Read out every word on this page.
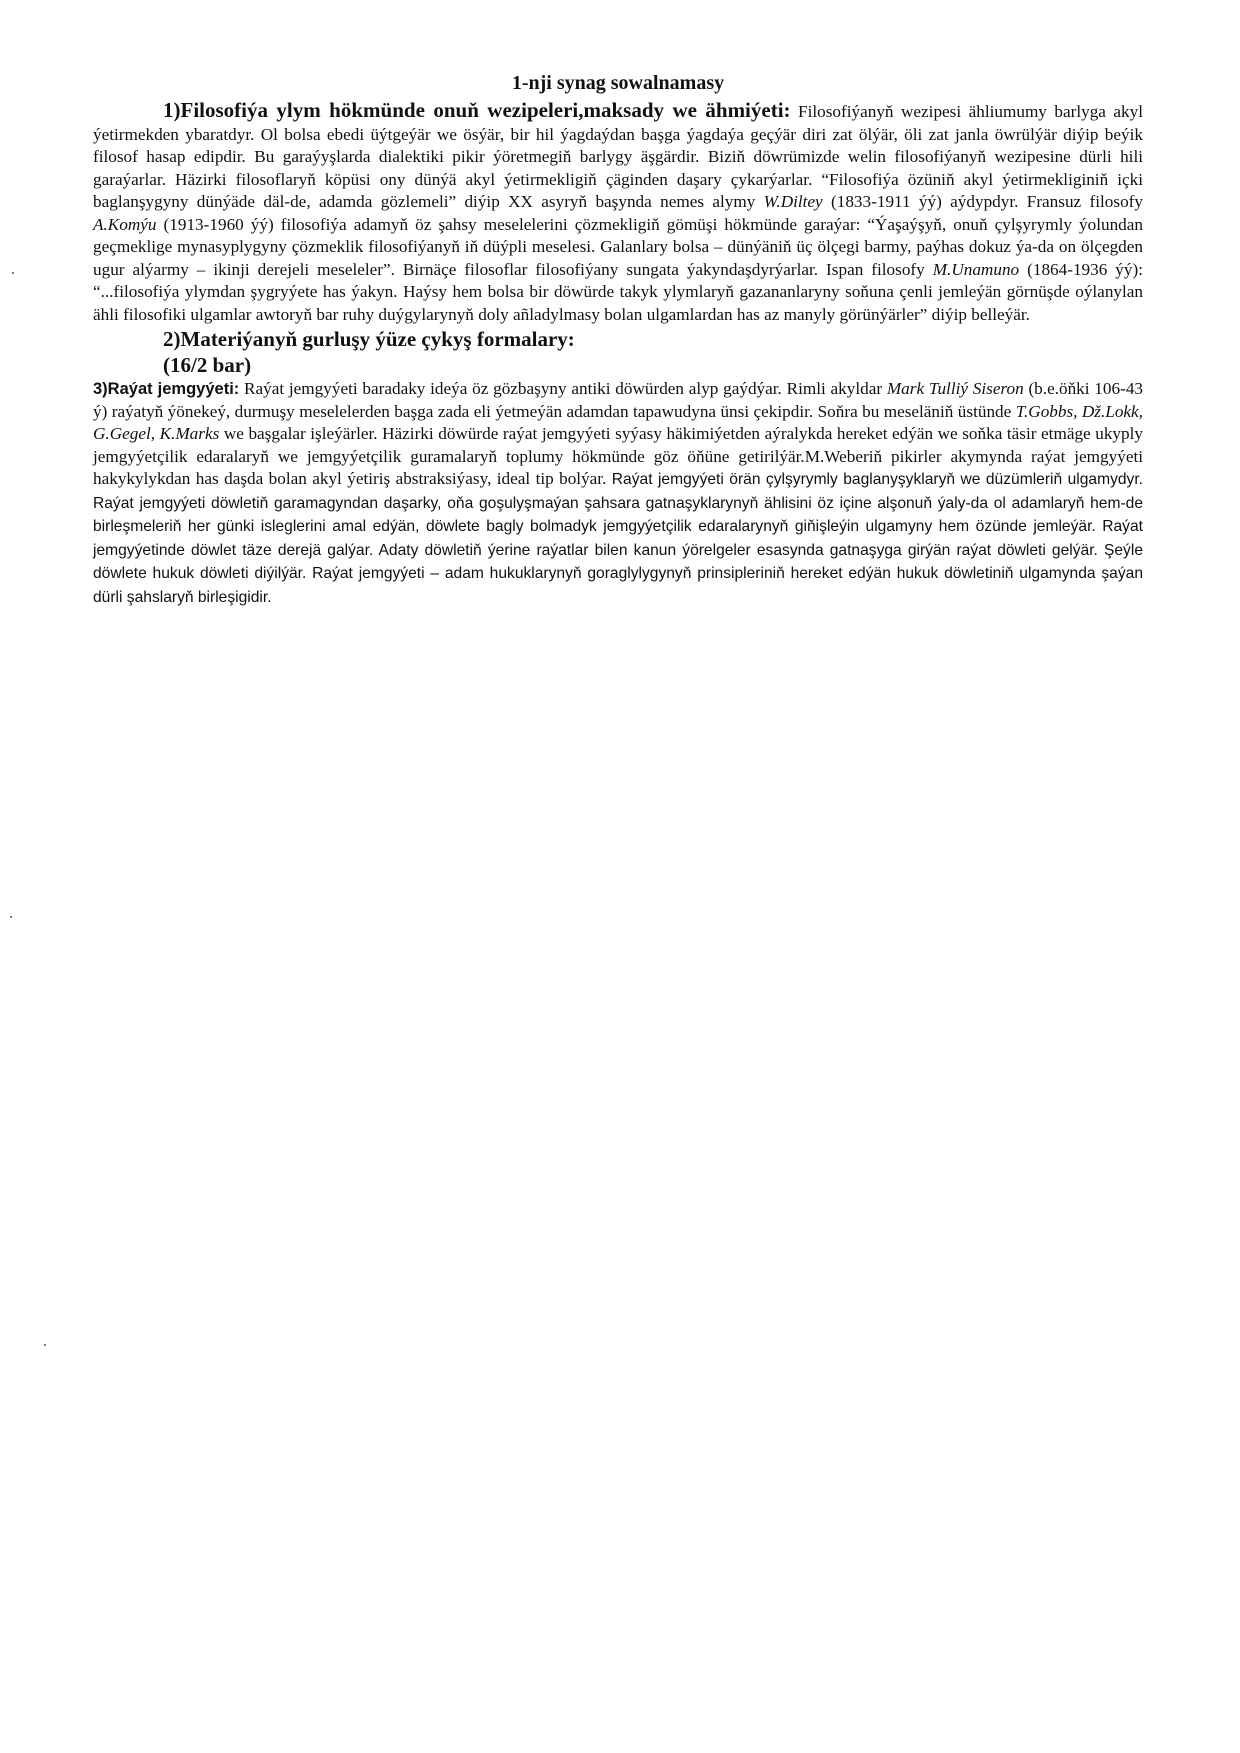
1-nji synag sowalnamasy

1)Filosofiýa ylym hökmünde onuň wezipeleri,maksady we ähmiýeti: Filosofiýanyň wezipesi ähliumumy barlyga akyl ýetirmekden ybaratdyr. Ol bolsa ebedi üýtgeýär we ösýär, bir hil ýagdaýdan başga ýagdaýa geçýär diri zat ölýär, öli zat janla öwrülýär diýip beýik filosof hasap edipdir. Bu garaýyşlarda dialektiki pikir ýöretmegiň barlygy äşgärdir. Biziň döwrümizde welin filosofiýanyň wezipesine dürli hili garaýarlar. Häzirki filosoflaryň köpüsi ony dünýä akyl ýetirmekligiň çäginden daşary çykarýarlar. “Filosofiýa özüniň akyl ýetirmekliginiň içki baglanşygyny dünýäde däl-de, adamda gözlemeli” diýip XX asyryň başynda nemes alymy W.Diltey (1833-1911 ýý) aýdypdyr. Fransuz filosofy A.Komýu (1913-1960 ýý) filosofiýa adamyň öz şahsy meselelerini çözmekligiň gömüşi hökmünde garaýar: “Ýaşaýşyň, onuň çylşyrymly ýolundan geçmeklige mynasyplygyny çözmeklik filosofiýanyň iň düýpli meselesi. Galanlary bolsa – dünýäniň üç ölçegi barmy, paýhas dokuz ýa-da on ölçegden ugur alýarmy – ikinji derejeli meseleler”. Birnäçe filosoflar filosofiýany sungata ýakyndaşdyrýarlar. Ispan filosofy M.Unamuno (1864-1936 ýý): “...filosofiýa ylymdan şygryýete has ýakyn. Haýsy hem bolsa bir döwürde takyk ylymlaryň gazananlaryny soňuna çenli jemleýän görnüşde oýlanylan ähli filosofiki ulgamlar awtoryň bar ruhy duýgylarynyň doly añladylmasy bolan ulgamlardan has az manyly görünýärler” diýip belleýär.

2)Materiýanyň gurluşy ýüze çykyş formalary:
(16/2 bar)

3)Raýat jemgyýeti: Raýat jemgyýeti baradaky ideýa öz gözbaşyny antiki döwürden alyp gaýdýar. Rimli akyldar Mark Tulliý Siseron (b.e.öňki 106-43 ý) raýatyň ýönekeý, durmuşy meselelerden başga zada eli ýetmeýän adamdan tapawudyna ünsi çekipdir. Soňra bu meseläniň üstünde T.Gobbs, Dž.Lokk, G.Gegel, K.Marks we başgalar işleýärler. Häzirki döwürde raýat jemgyýeti syýasy häkimiýetden aýralykda hereket edýän we soňka täsir etmäge ukyply jemgyýetçilik edaralaryň we jemgyýetçilik guramalaryň toplumy hökmünde göz öňüne getirilýär.M.Weberiň pikirler akymynda raýat jemgyýeti hakykylykdan has daşda bolan akyl ýetiriş abstraksiýasy, ideal tip bolýar. Raýat jemgyýeti örän çylşyrymly baglanyşyklaryň we düzümleriň ulgamydyr. Raýat jemgyýeti döwletiň garamagyndan daşarky, oňa goşulyşmaýan şahsara gatnaşyklarynyň ählisini öz içine alşonuň ýaly-da ol adamlaryň hem-de birleşmeleriň her günki isleglerini amal edýän, döwlete bagly bolmadyk jemgyýetçilik edaralarynyň giňişleýin ulgamyny hem özünde jemleýär. Raýat jemgyýetinde döwlet täze derejä galýar. Adaty döwletiň ýerine raýatlar bilen kanun ýörelgeler esasynda gatnaşyga girýän raýat döwleti gelýär. Şeýle döwlete hukuk döwleti diýilýär. Raýat jemgyýeti – adam hukuklarynyň goraglylygynyň prinsipleriniň hereket edýän hukuk döwletiniň ulgamynda şaýan dürli şahslaryň birleşigidir.
